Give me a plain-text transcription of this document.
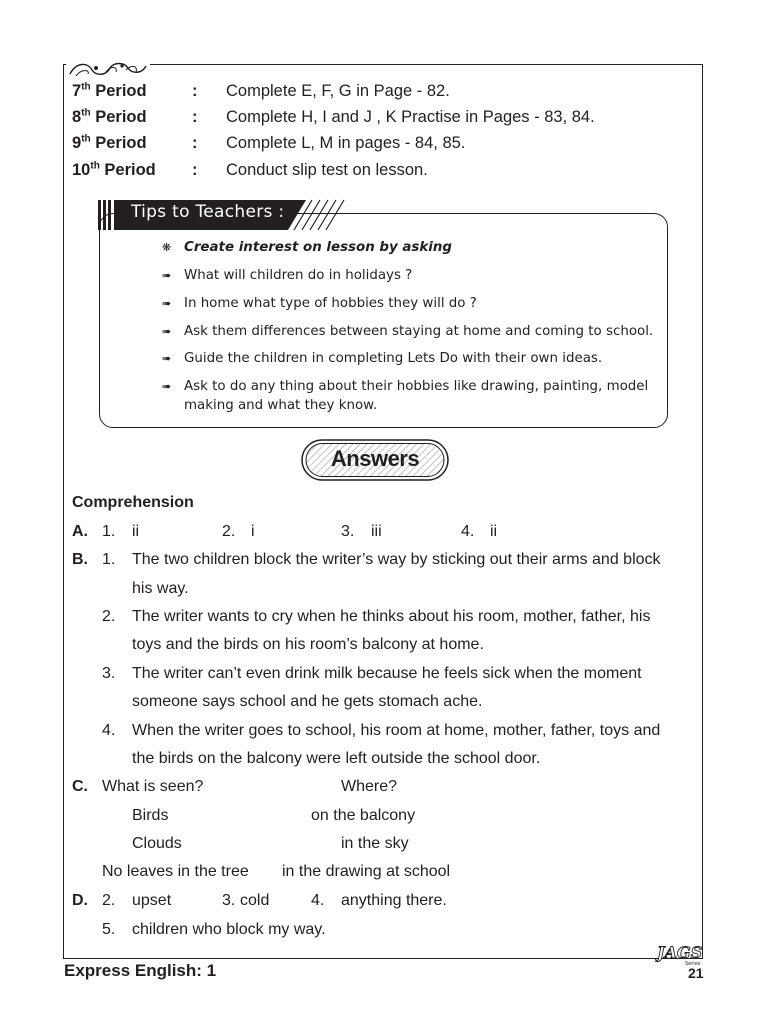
7th Period	: Complete E, F, G in Page - 82.
8th Period	: Complete H, I and J , K Practise in Pages - 83, 84.
9th Period	: Complete L, M in pages - 84, 85.
10th Period : Conduct slip test on lesson.
Tips to Teachers :
❋ Create interest on lesson by asking
➠ What will children do in holidays ?
➠ In home what type of hobbies they will do ?
➠ Ask them differences between staying at home and coming to school.
➠ Guide the children in completing Lets Do with their own ideas.
➠ Ask to do any thing about their hobbies like drawing, painting, model making and what they know.
Answers
Comprehension
A. 1. ii	2. i	3. iii	4. ii
B. 1. The two children block the writer’s way by sticking out their arms and block
his way.
2. The writer wants to cry when he thinks about his room, mother, father, his
toys and the birds on his room’s balcony at home.
3. The writer can’t even drink milk because he feels sick when the moment
someone says school and he gets stomach ache.
4. When the writer goes to school, his room at home, mother, father, toys and
the birds on the balcony were left outside the school door.
C. What is seen?	Where?
Birds	on the balcony
Clouds	in the sky
No leaves in the tree in the drawing at school
D. 2. upset	3. cold	4. anything there.
5. children who block my way.
Express English: 1
JAGS
Series
21
